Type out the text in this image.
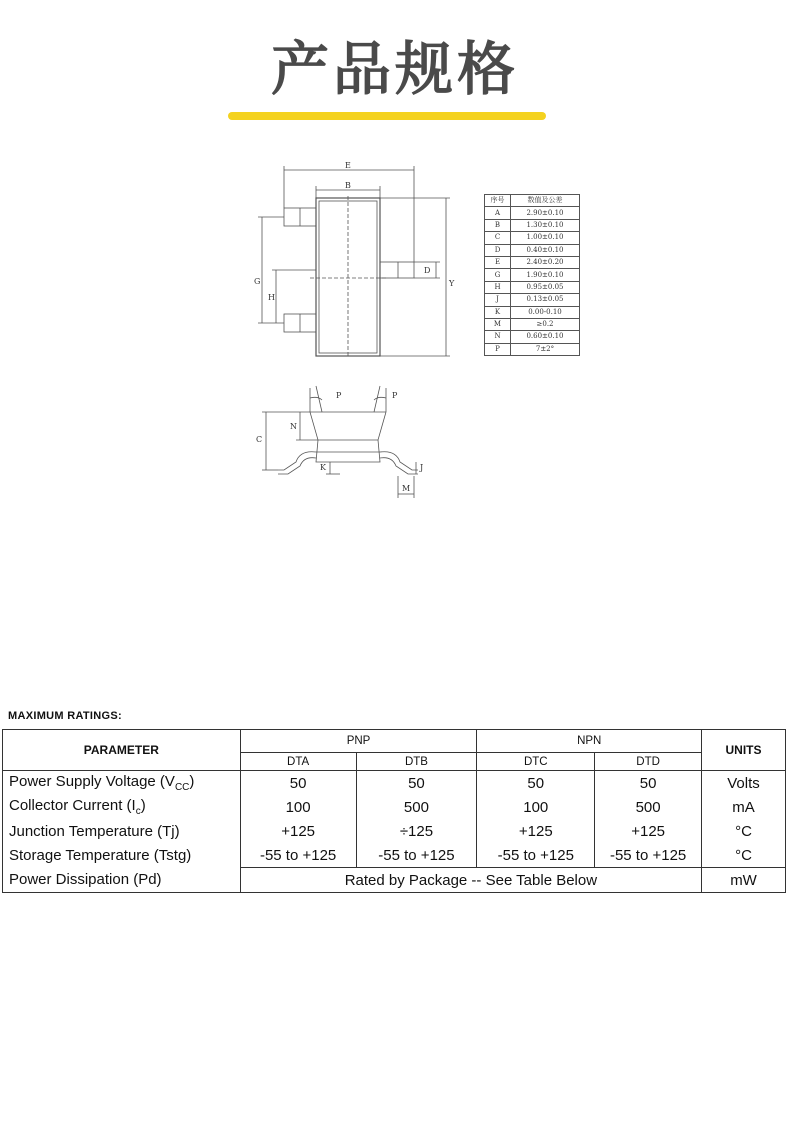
产品规格
E
B
D
G
H
Y
P	P
C
N
K	J
M
序号	数值及公差
A	2.90±0.10
B	1.30±0.10
C	1.00±0.10
D	0.40±0.10
E	2.40±0.20
G	1.90±0.10
H	0.95±0.05
J	0.13±0.05
K	0.00-0.10
M	≥0.2
N	0.60±0.10
P	7±2°
MAXIMUM RATINGS:
PARAMETER	PNP		NPN		UNITS
	DTA	DTB	DTC	DTD	
Power Supply Voltage $(V_{CC})$	50	50	50	50	Volts
Collector Current $(I_c)$	100	500	100	500	mA
Junction Temperature (Tj)	+125	÷125	+125	+125	°C
Storage Temperature (Tstg)	-55 to +125	-55 to +125	-55 to +125	-55 to +125	°C
Power Dissipation (Pd)	Rated by Package -- See Table Below				mW
